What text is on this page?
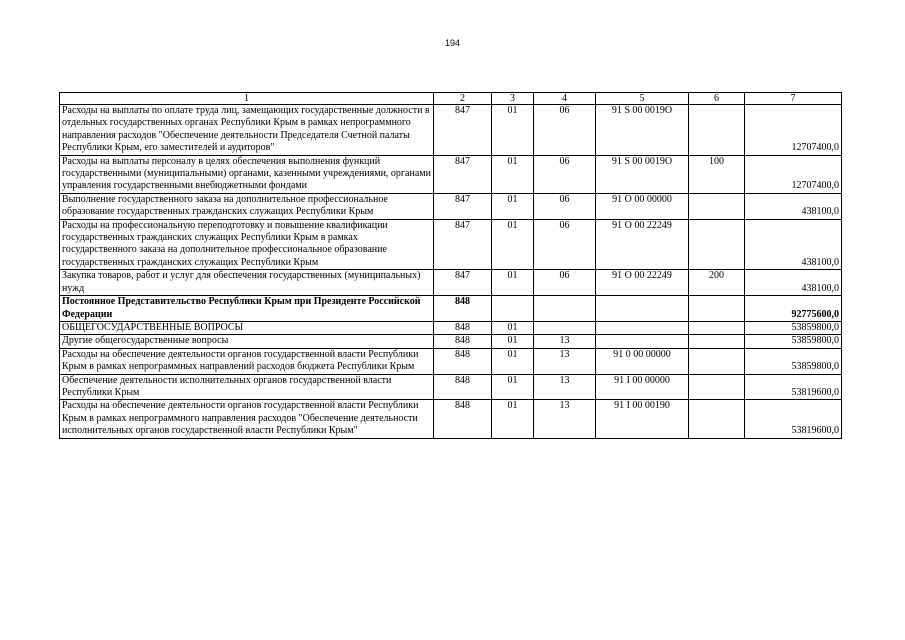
194
1	2	3	4	5	6	7
Расходы на выплаты по оплате труда лиц, замещающих государственные должности в отдельных государственных органах Республики Крым в рамках непрограммного направления расходов "Обеспечение деятельности Председателя Счетной палаты Республики Крым, его заместителей и аудиторов"	847	01	06	91 S 00 0019О		12707400,0
Расходы на выплаты персоналу в целях обеспечения выполнения функций государственными (муниципальными) органами, казенными учреждениями, органами управления государственными внебюджетными фондами	847	01	06	91 S 00 0019О	100	12707400,0
Выполнение государственного заказа на дополнительное профессиональное образование государственных гражданских служащих Республики Крым	847	01	06	91 О 00 00000		438100,0
Расходы на профессиональную переподготовку и повышение квалификации государственных гражданских служащих Республики Крым в рамках государственного заказа на дополнительное профессиональное образование государственных гражданских служащих Республики Крым	847	01	06	91 О 00 22249		438100,0
Закупка товаров, работ и услуг для обеспечения государственных (муниципальных) нужд	847	01	06	91 О 00 22249	200	438100,0
Постоянное Представительство Республики Крым при Президенте Российской Федерации	848					92775600,0
ОБЩЕГОСУДАРСТВЕННЫЕ ВОПРОСЫ	848	01				53859800,0
Другие общегосударственные вопросы	848	01	13			53859800,0
Расходы на обеспечение деятельности органов государственной власти Республики Крым в рамках непрограммных направлений расходов бюджета Республики Крым	848	01	13	91 0 00 00000		53859800,0
Обеспечение деятельности исполнительных органов государственной власти Республики Крым	848	01	13	91 I 00 00000		53819600,0
Расходы на обеспечение деятельности органов государственной власти Республики Крым в рамках непрограммного направления расходов "Обеспечение деятельности исполнительных органов государственной власти Республики Крым"	848	01	13	91 I 00 00190		53819600,0
